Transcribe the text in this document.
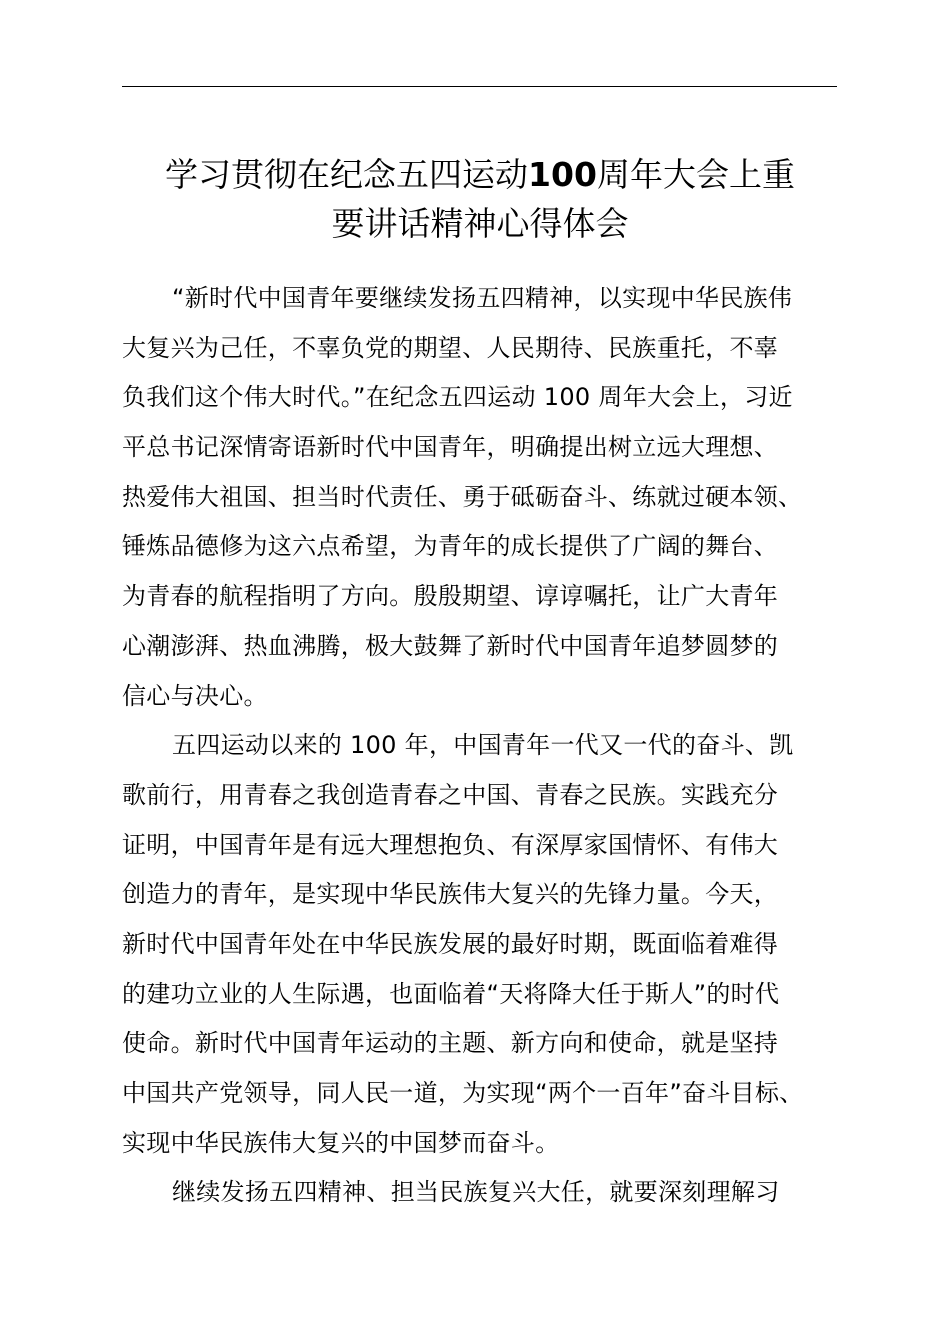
学习贯彻在纪念五四运动100周年大会上重
要讲话精神心得体会
“新时代中国青年要继续发扬五四精神，以实现中华民族伟
大复兴为己任，不辜负党的期望、人民期待、民族重托，不辜
负我们这个伟大时代。”在纪念五四运动 100 周年大会上，习近
平总书记深情寄语新时代中国青年，明确提出树立远大理想、
热爱伟大祖国、担当时代责任、勇于砥砺奋斗、练就过硬本领、
锤炼品德修为这六点希望，为青年的成长提供了广阔的舞台、
为青春的航程指明了方向。殷殷期望、谆谆嘱托，让广大青年
心潮澎湃、热血沸腾，极大鼓舞了新时代中国青年追梦圆梦的
信心与决心。
五四运动以来的 100 年，中国青年一代又一代的奋斗、凯
歌前行，用青春之我创造青春之中国、青春之民族。实践充分
证明，中国青年是有远大理想抱负、有深厚家国情怀、有伟大
创造力的青年，是实现中华民族伟大复兴的先锋力量。今天，
新时代中国青年处在中华民族发展的最好时期，既面临着难得
的建功立业的人生际遇，也面临着“天将降大任于斯人”的时代
使命。新时代中国青年运动的主题、新方向和使命，就是坚持
中国共产党领导，同人民一道，为实现“两个一百年”奋斗目标、
实现中华民族伟大复兴的中国梦而奋斗。
继续发扬五四精神、担当民族复兴大任，就要深刻理解习
